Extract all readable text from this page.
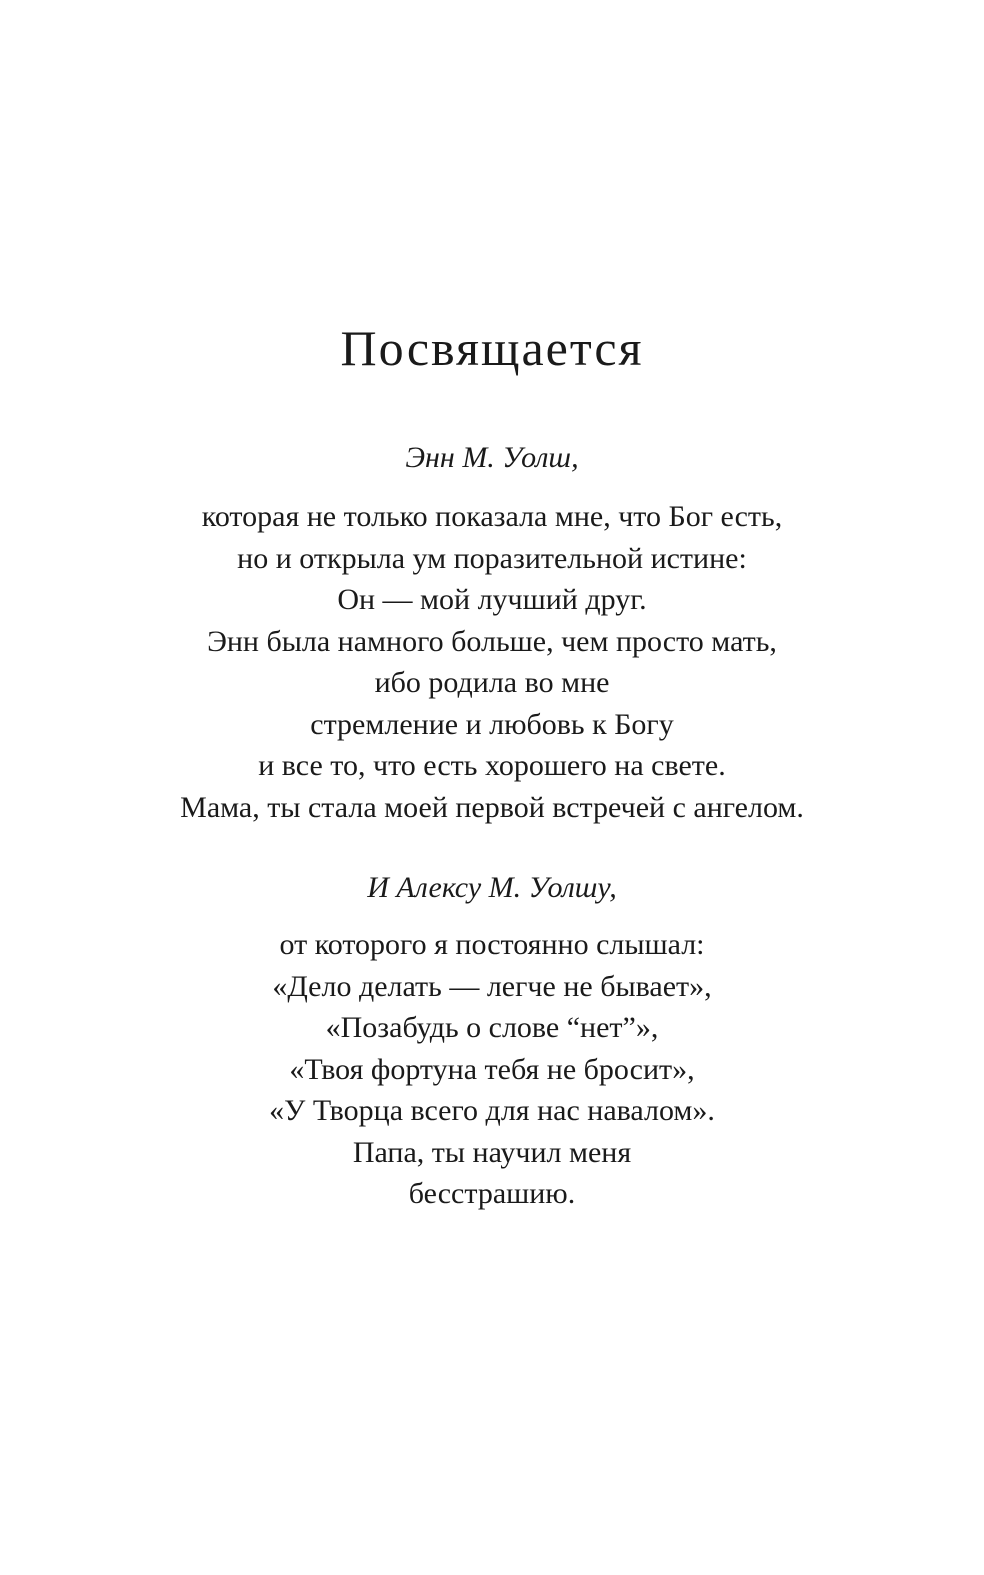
Посвящается
Энн М. Уолш,
которая не только показала мне, что Бог есть,
но и открыла ум поразительной истине:
Он — мой лучший друг.
Энн была намного больше, чем просто мать,
ибо родила во мне
стремление и любовь к Богу
и все то, что есть хорошего на свете.
Мама, ты стала моей первой встречей с ангелом.
И Алексу М. Уолшу,
от которого я постоянно слышал:
«Дело делать — легче не бывает»,
«Позабудь о слове “нет”»,
«Твоя фортуна тебя не бросит»,
«У Творца всего для нас навалом».
Папа, ты научил меня
бесстрашию.
